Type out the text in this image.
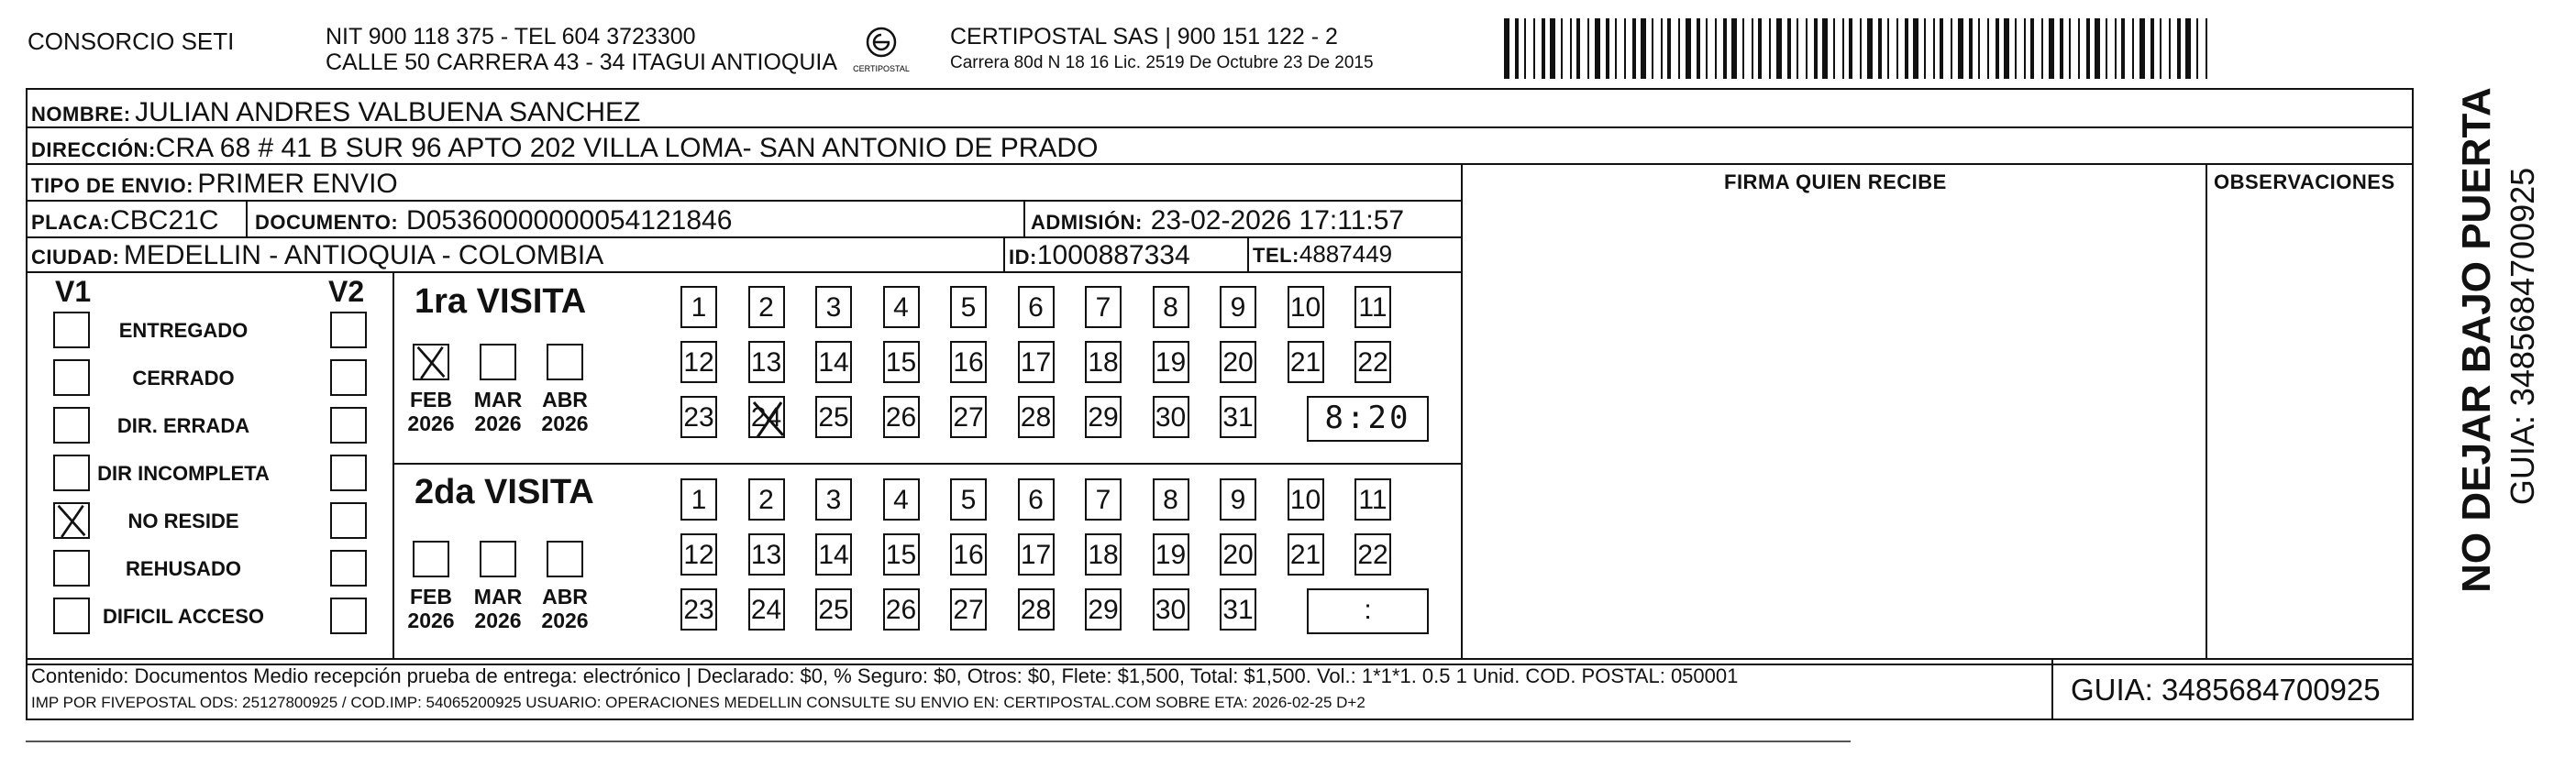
CONSORCIO SETI	NIT 900 118 375 - TEL 604 3723300
CALLE 50 CARRERA 43 - 34 ITAGUI ANTIOQUIA CERTIPOSTAL
CERTIPOSTAL SAS | 900 151 122 - 2
Carrera 80d N 18 16 Lic. 2519 De Octubre 23 De 2015
NOMBRE: JULIAN ANDRES VALBUENA SANCHEZ
DIRECCIÓN:CRA 68 # 41 B SUR 96 APTO 202 VILLA LOMA- SAN ANTONIO DE PRADO
TIPO DE ENVIO: PRIMER ENVIO
PLACA:CBC21C DOCUMENTO: D05360000000054121846	ADMISIÓN: 23-02-2026 17:11:57
CIUDAD: MEDELLIN - ANTIOQUIA - COLOMBIA	ID:1000887334	TEL:4887449
FIRMA QUIEN RECIBE	OBSERVACIONES
V1	V2
ENTREGADO
CERRADO
DIR. ERRADA
DIR INCOMPLETA
NO RESIDE
REHUSADO
DIFICIL ACCESO
1ra VISITA
FEB
2026
MAR
2026
ABR
2026
1	2	3	4	5	6	7	8	9	10 11
12 13 14 15 16 17 18 19 20 21 22
23 24 25 26 27 28 29 30 31	8:20
2da VISITA
FEB
2026
MAR
2026
ABR
2026
1	2	3	4	5	6	7	8	9	10 11
12 13 14 15 16 17 18 19 20 21 22
23 24 25 26 27 28 29 30 31	:
Contenido: Documentos Medio recepción prueba de entrega: electrónico | Declarado: $0, % Seguro: $0, Otros: $0, Flete: $1,500, Total: $1,500. Vol.: 1*1*1. 0.5 1 Unid. COD. POSTAL: 050001
IMP POR FIVEPOSTAL ODS: 25127800925 / COD.IMP: 54065200925 USUARIO: OPERACIONES MEDELLIN CONSULTE SU ENVIO EN: CERTIPOSTAL.COM SOBRE ETA: 2026-02-25 D+2	GUIA: 3485684700925
NO DEJAR BAJO PUERTA GUIA: 3485684700925
